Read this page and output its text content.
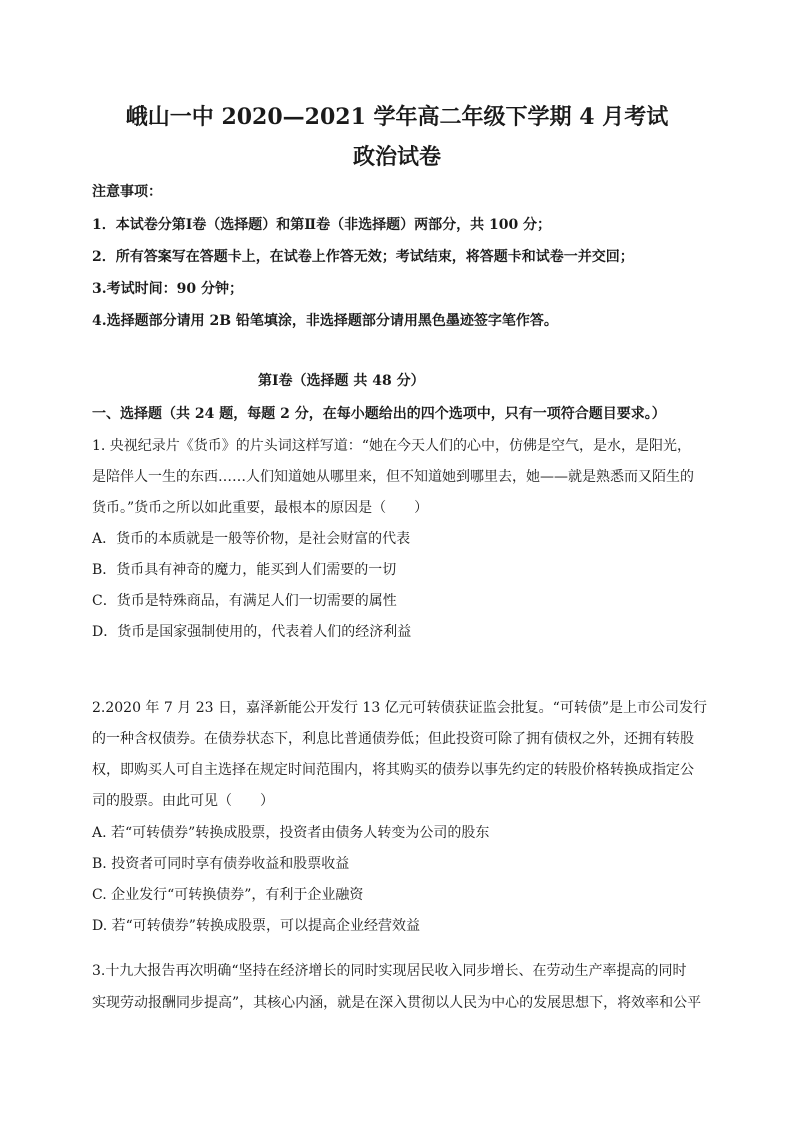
峨山一中 2020—2021 学年高二年级下学期 4 月考试
政治试卷
注意事项：
1．本试卷分第Ⅰ卷（选择题）和第Ⅱ卷（非选择题）两部分，共 100 分；
2．所有答案写在答题卡上，在试卷上作答无效；考试结束，将答题卡和试卷一并交回；
3.考试时间：90 分钟；
4.选择题部分请用 2B 铅笔填涂，非选择题部分请用黑色墨迹签字笔作答。
第Ⅰ卷（选择题 共 48 分）
一、选择题（共 24 题，每题 2 分，在每小题给出的四个选项中，只有一项符合题目要求。）
1. 央视纪录片《货币》的片头词这样写道：“她在今天人们的心中，仿佛是空气，是水，是阳光，
是陪伴人一生的东西……人们知道她从哪里来，但不知道她到哪里去，她——就是熟悉而又陌生的
货币。”货币之所以如此重要，最根本的原因是（　　）
A．货币的本质就是一般等价物，是社会财富的代表
B．货币具有神奇的魔力，能买到人们需要的一切
C．货币是特殊商品，有满足人们一切需要的属性
D．货币是国家强制使用的，代表着人们的经济利益
2.2020 年 7 月 23 日，嘉泽新能公开发行 13 亿元可转债获证监会批复。“可转债”是上市公司发行
的一种含权债券。在债券状态下，利息比普通债券低；但此投资可除了拥有债权之外，还拥有转股
权，即购买人可自主选择在规定时间范围内，将其购买的债券以事先约定的转股价格转换成指定公
司的股票。由此可见（　　）
A. 若“可转债券”转换成股票，投资者由债务人转变为公司的股东
B. 投资者可同时享有债券收益和股票收益
C. 企业发行“可转换债券”，有利于企业融资
D. 若“可转债券”转换成股票，可以提高企业经营效益
3.十九大报告再次明确“坚持在经济增长的同时实现居民收入同步增长、在劳动生产率提高的同时
实现劳动报酬同步提高”，其核心内涵，就是在深入贯彻以人民为中心的发展思想下，将效率和公平
